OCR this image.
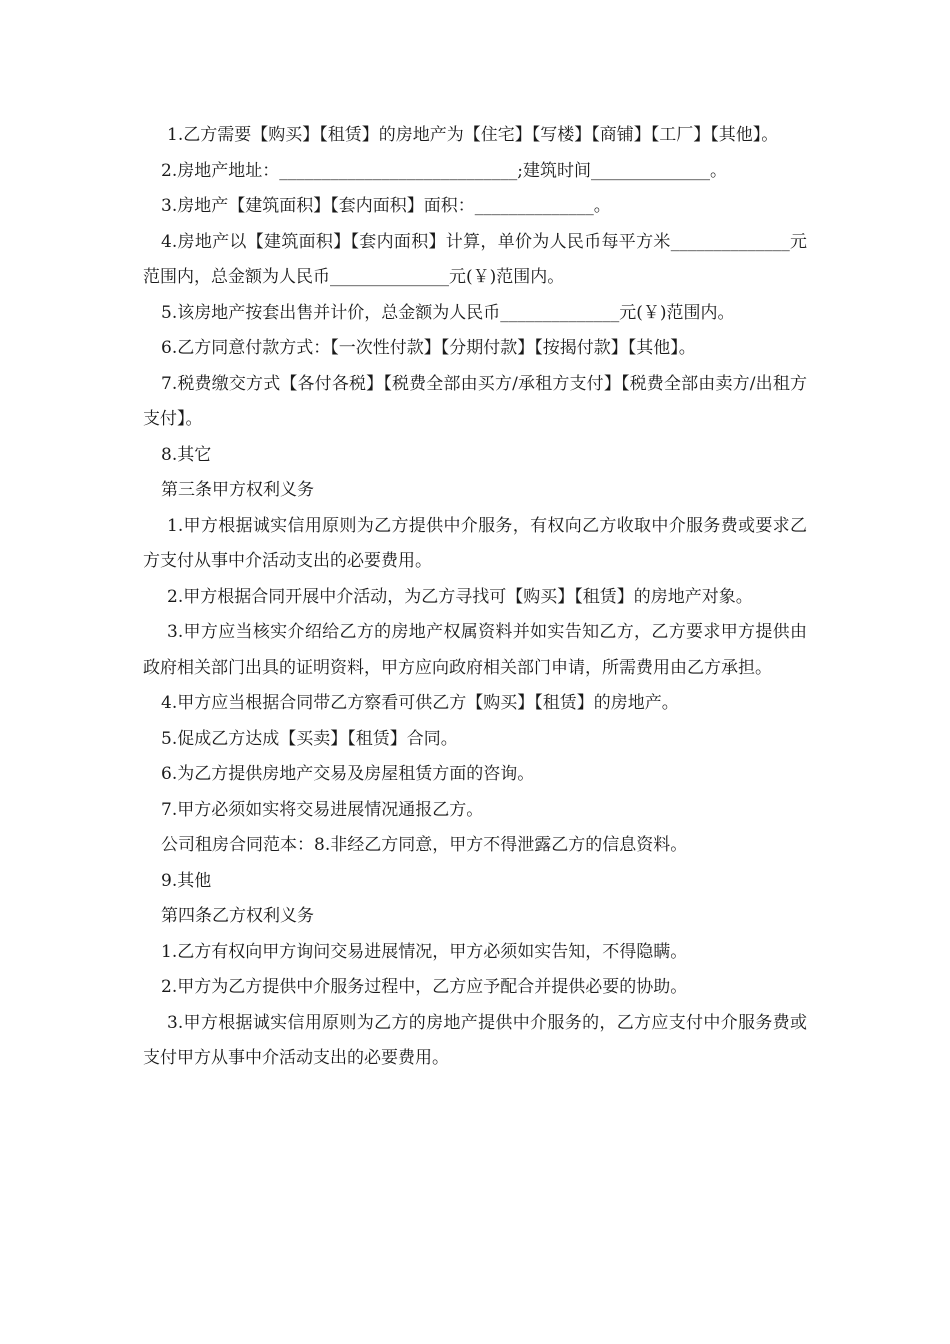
1.乙方需要【购买】【租赁】的房地产为【住宅】【写楼】【商铺】【工厂】【其他】。

2.房地产地址：____________________________;建筑时间______________。

3.房地产【建筑面积】【套内面积】面积：______________。

4.房地产以【建筑面积】【套内面积】计算，单价为人民币每平方米______________元范围内，总金额为人民币______________元(￥)范围内。

5.该房地产按套出售并计价，总金额为人民币______________元(￥)范围内。

6.乙方同意付款方式：【一次性付款】【分期付款】【按揭付款】【其他】。

7.税费缴交方式【各付各税】【税费全部由买方/承租方支付】【税费全部由卖方/出租方支付】。

8.其它

第三条甲方权利义务

1.甲方根据诚实信用原则为乙方提供中介服务，有权向乙方收取中介服务费或要求乙方支付从事中介活动支出的必要费用。

2.甲方根据合同开展中介活动，为乙方寻找可【购买】【租赁】的房地产对象。

3.甲方应当核实介绍给乙方的房地产权属资料并如实告知乙方，乙方要求甲方提供由政府相关部门出具的证明资料，甲方应向政府相关部门申请，所需费用由乙方承担。

4.甲方应当根据合同带乙方察看可供乙方【购买】【租赁】的房地产。

5.促成乙方达成【买卖】【租赁】合同。

6.为乙方提供房地产交易及房屋租赁方面的咨询。

7.甲方必须如实将交易进展情况通报乙方。

公司租房合同范本：8.非经乙方同意，甲方不得泄露乙方的信息资料。

9.其他

第四条乙方权利义务

1.乙方有权向甲方询问交易进展情况，甲方必须如实告知，不得隐瞒。

2.甲方为乙方提供中介服务过程中，乙方应予配合并提供必要的协助。

3.甲方根据诚实信用原则为乙方的房地产提供中介服务的，乙方应支付中介服务费或支付甲方从事中介活动支出的必要费用。
